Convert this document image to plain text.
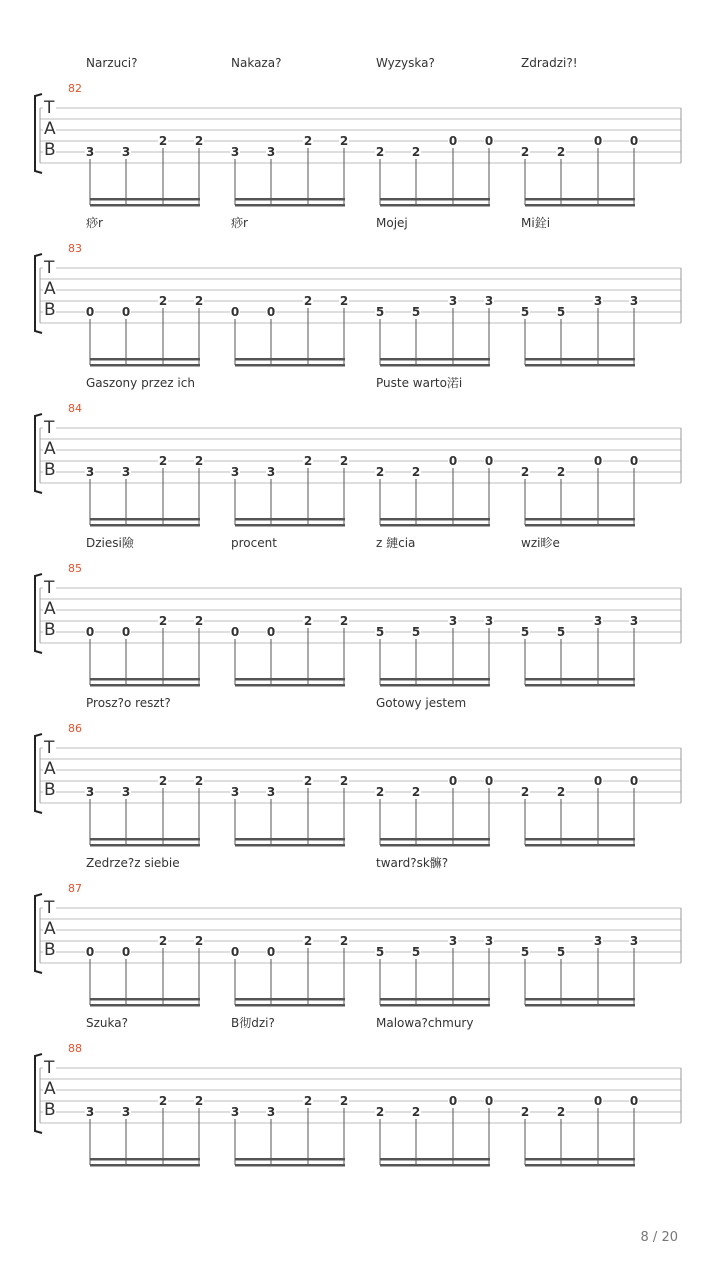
Narzuci?	Nakaza?	Wyzyska?	Zdradzi?!
82
T
A
B	3 3
2 2
3 3
2 2
2 2
0 0
2 2
0 0
痧r	痧r	Mojej	Mi銓i
83
T
A
B	0 0
2 2
0 0
2 2
5 5
3 3
5 5
3 3
Gaszony przez ich	Puste warto渃i
84
T
A
B	3 3
2 2
3 3
2 2
2 2
0 0
2 2
0 0
Dziesi險	procent	z 縺cia	wzi畛e
85
T
A
B	0 0
2 2
0 0
2 2
5 5
3 3
5 5
3 3
Prosz?o reszt?	Gotowy jestem
86
T
A
B	3 3
2 2
3 3
2 2
2 2
0 0
2 2
0 0
Zedrze?z siebie	tward?sk髍?
87
T
A
B	0 0
2 2
0 0
2 2
5 5
3 3
5 5
3 3
Szuka?	B彻dzi?	Malowa?chmury
88
T
A
B	3 3
2 2
3 3
2 2
2 2
0 0
2 2
0 0
8 / 20
